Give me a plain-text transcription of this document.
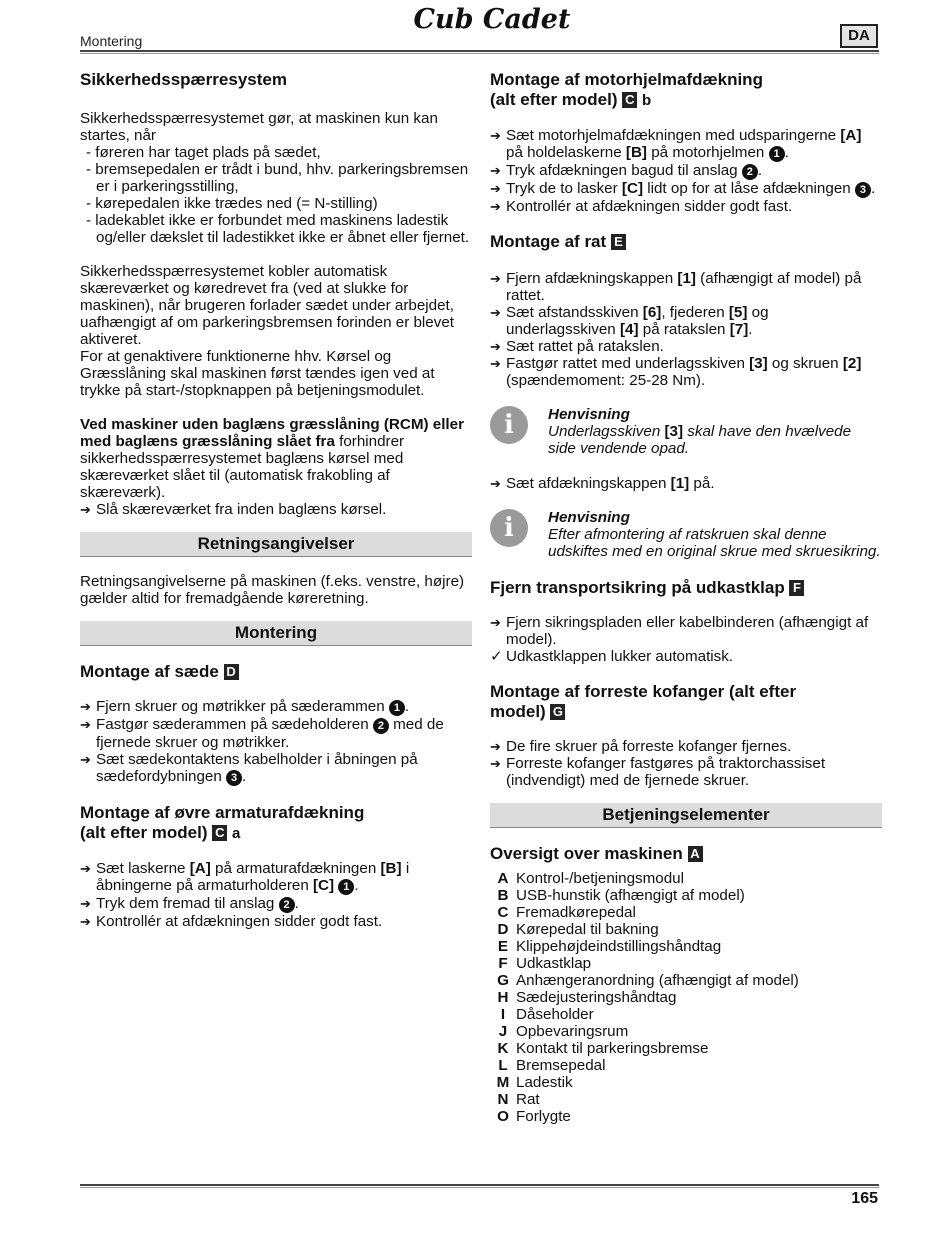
Cub Cadet
Montering	DA
Sikkerhedsspærresystem

Sikkerhedsspærresystemet gør, at maskinen kun kan startes, når

- føreren har taget plads på sædet,

- bremsepedalen er trådt i bund, hhv. parkeringsbremsen er i parkeringsstilling,

- kørepedalen ikke trædes ned (= N-stilling)

- ladekablet ikke er forbundet med maskinens ladestik og/eller dækslet til ladestikket ikke er åbnet eller fjernet.

Sikkerhedsspærresystemet kobler automatisk skæreværket og køredrevet fra (ved at slukke for maskinen), når brugeren forlader sædet under arbejdet, uafhængigt af om parkeringsbremsen forinden er blevet aktiveret.

For at genaktivere funktionerne hhv. Kørsel og Græsslåning skal maskinen først tændes igen ved at trykke på start-/stopknappen på betjeningsmodulet.

Ved maskiner uden baglæns græsslåning (RCM) eller med baglæns græsslåning slået fra forhindrer sikkerhedsspærresystemet baglæns kørsel med skæreværket slået til (automatisk frakobling af skæreværk).

➔ Slå skæreværket fra inden baglæns kørsel.

Retningsangivelser

Retningsangivelserne på maskinen (f.eks. venstre, højre) gælder altid for fremadgående køreretning.

Montering
Montage af sæde D

➔ Fjern skruer og møtrikker på sæderammen 1 .

➔ Fastgør sæderammen på sædeholderen 2 med de fjernede skruer og møtrikker.

➔ Sæt sædekontaktens kabelholder i åbningen på sædefordybningen 3 .

Montage af øvre armaturafdækning
(alt efter model) C a

➔ Sæt laskerne [A] på armaturafdækningen [B] i åbningerne på armaturholderen [C] 1 .

➔ Tryk dem fremad til anslag 2 .

➔ Kontrollér at afdækningen sidder godt fast.

Montage af motorhjelmafdækning
(alt efter model) C b

➔ Sæt motorhjelmafdækningen med udsparingerne [A] på holdelaskerne [B] på motorhjelmen 1 .

➔ Tryk afdækningen bagud til anslag 2 .

➔ Tryk de to lasker [C] lidt op for at låse afdækningen 3 .

➔ Kontrollér at afdækningen sidder godt fast.

Montage af rat E

➔ Fjern afdækningskappen [1] (afhængigt af model) på rattet.

➔ Sæt afstandsskiven [6], fjederen [5] og underlagsskiven [4] på ratakslen [7].

➔ Sæt rattet på ratakslen.

➔ Fastgør rattet med underlagsskiven [3] og skruen [2] (spændemoment: 25-28 Nm).

i	Henvisning

Underlagsskiven [3] skal have den hvælvede side vendende opad.

➔ Sæt afdækningskappen [1] på.

i	Henvisning

Efter afmontering af ratskruen skal denne udskiftes med en original skrue med skruesikring.

Fjern transportsikring på udkastklap F

➔ Fjern sikringspladen eller kabelbinderen (afhængigt af model).

✓ Udkastklappen lukker automatisk.

Montage af forreste kofanger (alt efter
model) G

➔ De fire skruer på forreste kofanger fjernes.

➔ Forreste kofanger fastgøres på traktorchassiset (indvendigt) med de fjernede skruer.

Betjeningselementer
Oversigt over maskinen A
A Kontrol-/betjeningsmodul
B USB-hunstik (afhængigt af model)
C Fremadkørepedal
D Kørepedal til bakning
E Klippehøjdeindstillingshåndtag
F Udkastklap
G Anhængeranordning (afhængigt af model)
H Sædejusteringshåndtag
I Dåseholder
J Opbevaringsrum
K Kontakt til parkeringsbremse
L Bremsepedal
M Ladestik
N Rat
O Forlygte
165
